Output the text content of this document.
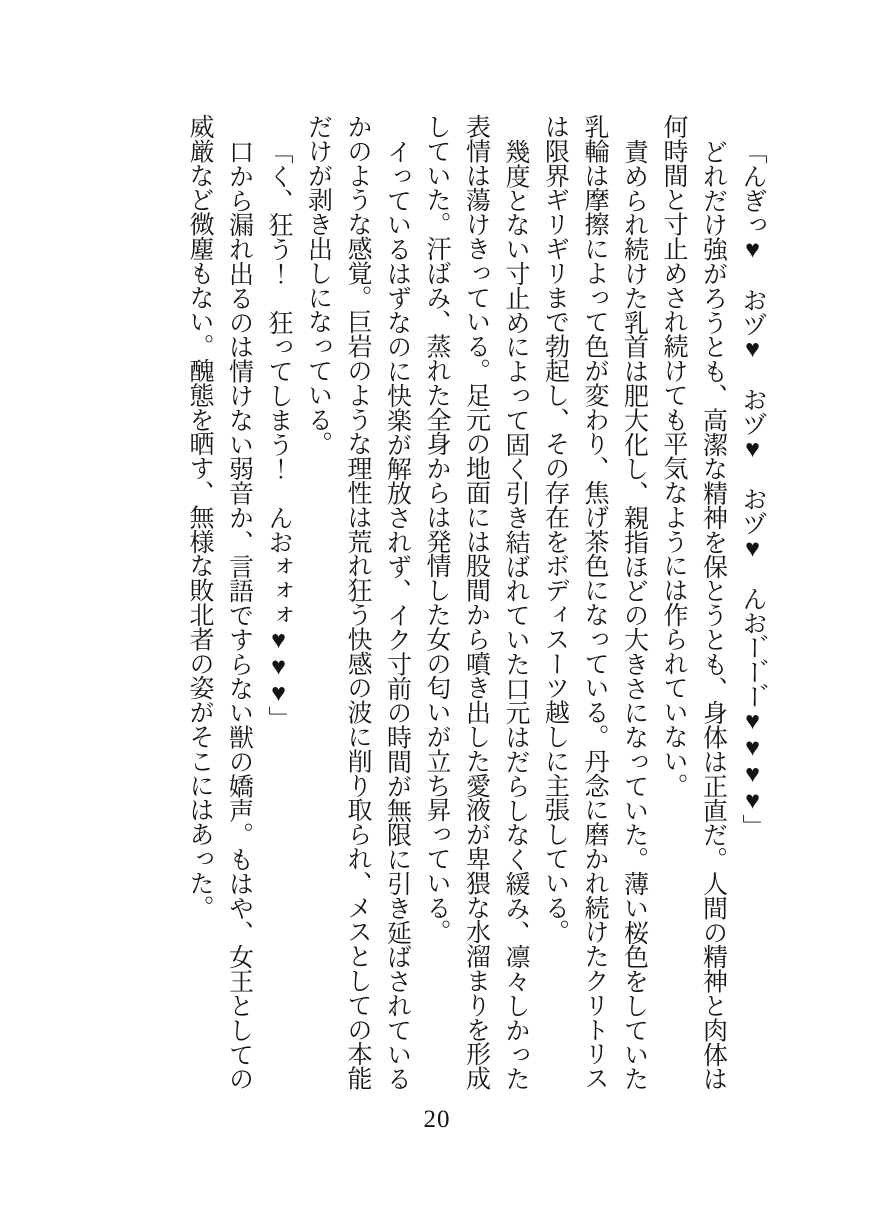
「んぎっ♥　おヅ♥　おヅ♥　おヅ♥　んおー゙ー゙ー゙♥♥♥♥」

どれだけ強がろうとも、高潔な精神を保とうとも、身体は正直だ。人間の精神と肉体は何時間と寸止めされ続けても平気なようには作られていない。

責められ続けた乳首は肥大化し、親指ほどの大きさになっていた。薄い桜色をしていた乳輪は摩擦によって色が変わり、焦げ茶色になっている。丹念に磨かれ続けたクリトリスは限界ギリギリまで勃起し、その存在をボディスーツ越しに主張している。

幾度とない寸止めによって固く引き結ばれていた口元はだらしなく緩み、凛々しかった表情は蕩けきっている。足元の地面には股間から噴き出した愛液が卑猥な水溜まりを形成していた。汗ばみ、蒸れた全身からは発情した女の匂いが立ち昇っている。

イっているはずなのに快楽が解放されず、イク寸前の時間が無限に引き延ばされているかのような感覚。巨岩のような理性は荒れ狂う快感の波に削り取られ、メスとしての本能だけが剥き出しになっている。

「く、狂う！　狂ってしまう！　んおォォォ♥♥♥」

口から漏れ出るのは情けない弱音か、言語ですらない獣の嬌声。もはや、女王としての威厳など微塵もない。醜態を晒す、無様な敗北者の姿がそこにはあった。

20
